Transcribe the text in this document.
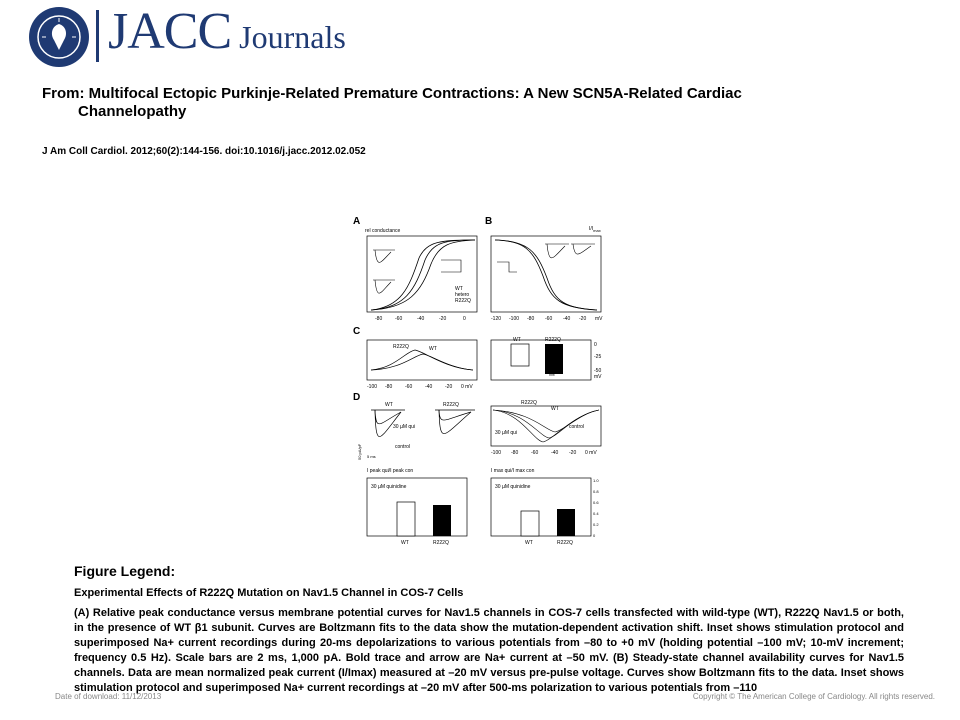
JACC Journals
From: Multifocal Ectopic Purkinje-Related Premature Contractions: A New SCN5A-Related Cardiac
Channelopathy
J Am Coll Cardiol. 2012;60(2):144-156. doi:10.1016/j.jacc.2012.02.052
A
rel conductance
-80	-60	-40	-20	0
WT
hetero
R222Q
B
$I/I_{max}$
-120 -100 -80 -60 -40 -20 mV
C
R222Q	WT
-100 -80	-60	-40	-20 0 mV
WT	R222Q
***
0
-25
-50
mV
D
WT	R222Q
30 µM qui
control
50 pA/pF 5 ms
R222Q
WT
30 µM qui
control
-100 -80	-60	-40 -20 0 mV
I peak qui/I peak con	I max qui/I max con
30 µM quinidine
WT	R222Q
30 µM quinidine
WT	R222Q
1.0
0.8
0.6
0.4
0.2
0
Figure Legend:
Experimental Effects of R222Q Mutation on Nav1.5 Channel in COS-7 Cells
(A) Relative peak conductance versus membrane potential curves for Nav1.5 channels in COS-7 cells transfected with wild-type (WT), R222Q Nav1.5 or both, in the presence of WT β1 subunit. Curves are Boltzmann fits to the data show the mutation-dependent activation shift. Inset shows stimulation protocol and superimposed Na+ current recordings during 20-ms depolarizations to various potentials from –80 to +0 mV (holding potential –100 mV; 10-mV increment; frequency 0.5 Hz). Scale bars are 2 ms, 1,000 pA. Bold trace and arrow are Na+ current at –50 mV. (B) Steady-state channel availability curves for Nav1.5 channels. Data are mean normalized peak current (I/Imax) measured at –20 mV versus pre-pulse voltage. Curves show Boltzmann fits to the data. Inset shows stimulation protocol and superimposed Na+ current recordings at –20 mV after 500-ms polarization to various potentials from –110
Date of download: 11/12/2013	Copyright © The American College of Cardiology. All rights reserved.
